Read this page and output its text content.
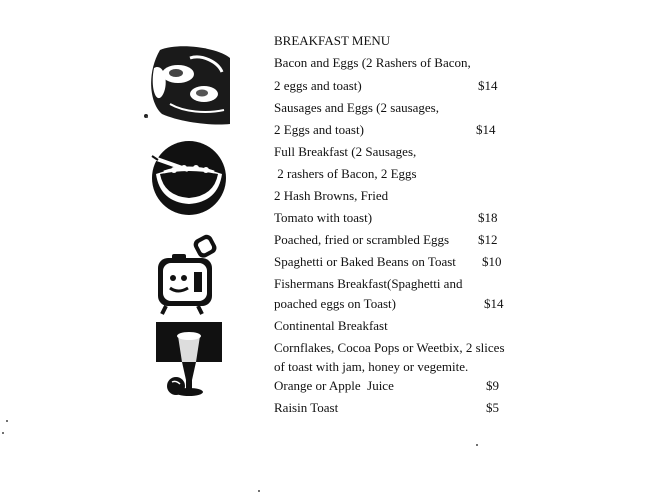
BREAKFAST MENU
Bacon and Eggs (2 Rashers of Bacon,
2 eggs and toast)	$14
Sausages and Eggs (2 sausages,
2 Eggs and toast)	$14
Full Breakfast (2 Sausages,
2 rashers of Bacon, 2 Eggs
2 Hash Browns, Fried
Tomato with toast)	$18
Poached, fried or scrambled Eggs $12
Spaghetti or Baked Beans on Toast $10
Fishermans Breakfast(Spaghetti and
poached eggs on Toast)	$14
Continental Breakfast
Cornflakes, Cocoa Pops or Weetbix, 2 slices
of toast with jam, honey or vegemite.
Orange or Apple  Juice	$9
Raisin Toast	$5
